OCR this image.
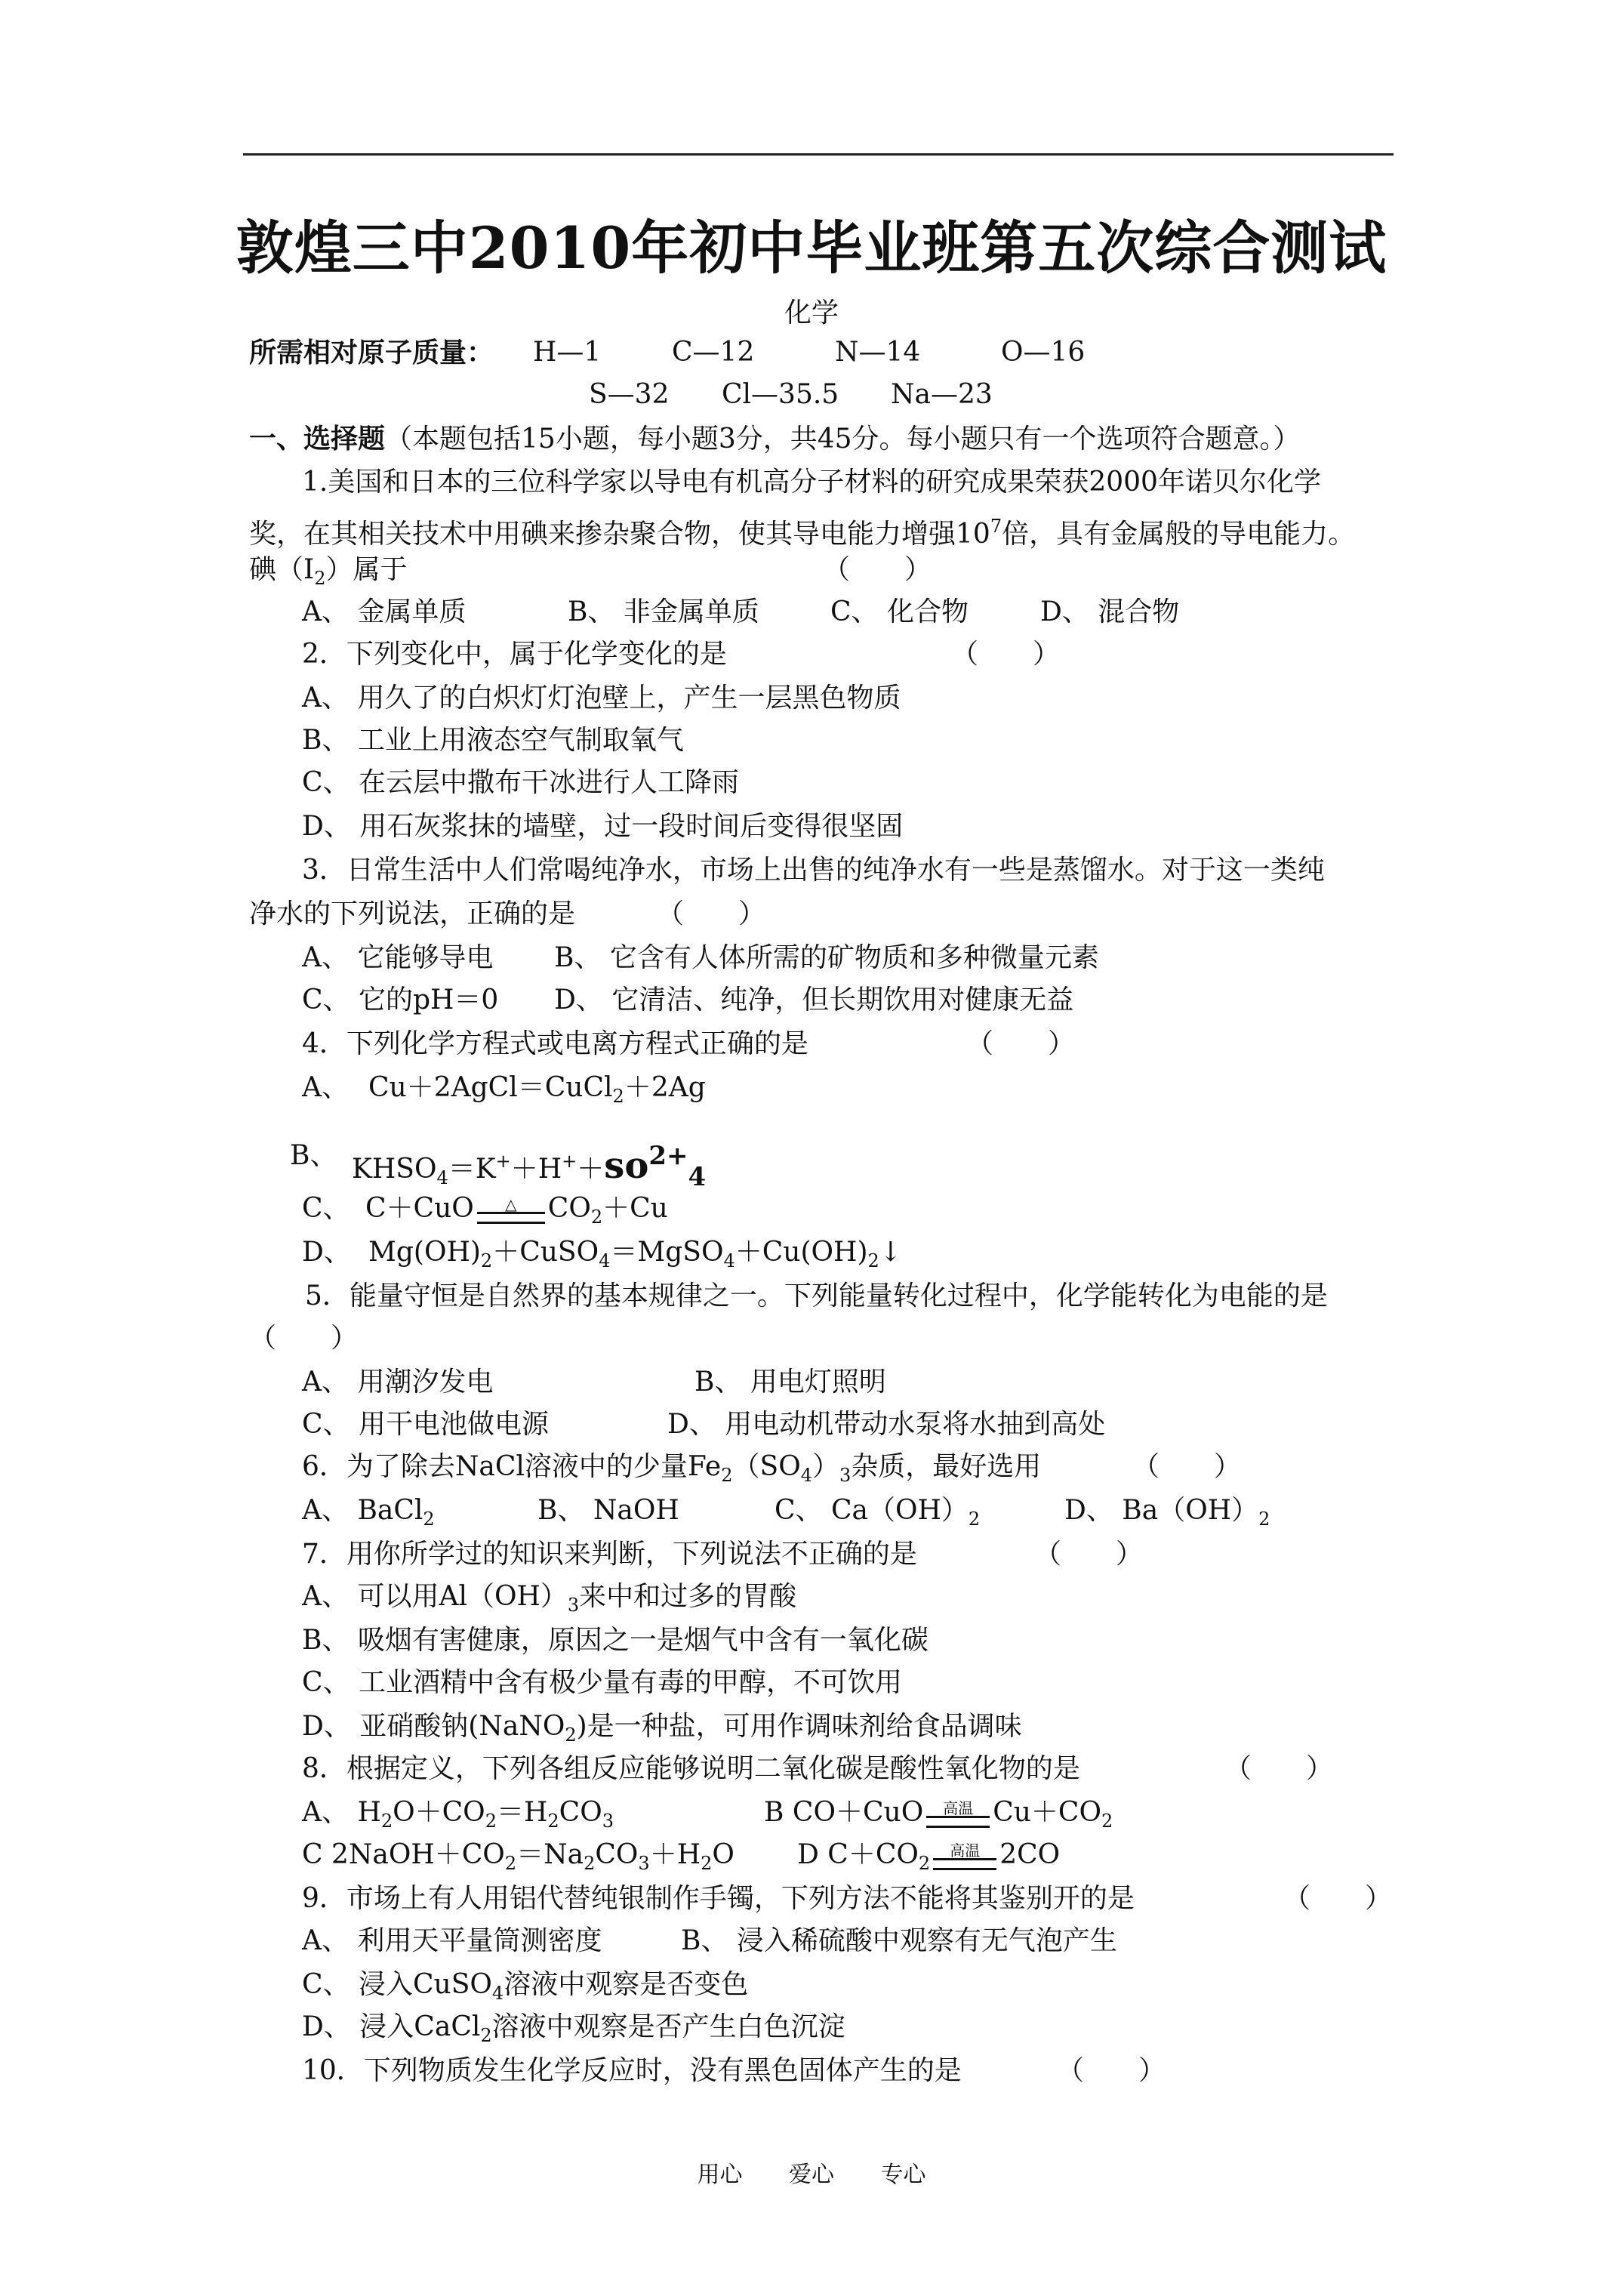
敦煌三中2010年初中毕业班第五次综合测试
化学
所需相对原子质量： H—1	C—12	N—14	O—16
S—32 Cl—35.5 Na—23
一、选择题（本题包括15小题，每小题3分，共45分。每小题只有一个选项符合题意。）
1.美国和日本的三位科学家以导电有机高分子材料的研究成果荣获2000年诺贝尔化学
奖，在其相关技术中用碘来掺杂聚合物，使其导电能力增强$10^7$倍，具有金属般的导电能力。
碘$(I_2)$属于	（　　）
A、 金属单质	B、 非金属单质	C、 化合物	D、 混合物
2．下列变化中，属于化学变化的是	（　　）
A、 用久了的白炽灯灯泡壁上，产生一层黑色物质
B、 工业上用液态空气制取氧气
C、 在云层中撒布干冰进行人工降雨
D、 用石灰浆抹的墙壁，过一段时间后变得很坚固
3．日常生活中人们常喝纯净水，市场上出售的纯净水有一些是蒸馏水。对于这一类纯
净水的下列说法，正确的是	（　　）
A、 它能够导电 B、 它含有人体所需的矿物质和多种微量元素
C、 它的pH＝0 D、 它清洁、纯净，但长期饮用对健康无益
4．下列化学方程式或电离方程式正确的是	（　　）
A、 Cu＋2AgCl＝CuCl$_2$＋2Ag
B、 $KHSO_4=K^++H^++so2+4$
C、 C＋CuO	△	$CO_2+Cu$
D、 $Mg(OH)_2+CuSO_4=MgSO_4+Cu(OH)_2↓$
5．能量守恒是自然界的基本规律之一。下列能量转化过程中，化学能转化为电能的是
（　　）
A、 用潮汐发电	B、 用电灯照明
C、 用干电池做电源	D、 用电动机带动水泵将水抽到高处
6．为了除去NaCl溶液中的少量$Fe_2(SO_4)_3$杂质，最好选用	（　　）
A、 BaCl$_2$	B、 NaOH	C、 $Ca(OH)_2$	D、 $Ba(OH)_2$
7．用你所学过的知识来判断，下列说法不正确的是	（　　）
A、 可以用$Al(OH)_3$来中和过多的胃酸
B、 吸烟有害健康，原因之一是烟气中含有一氧化碳
C、 工业酒精中含有极少量有毒的甲醇，不可饮用
D、 亚硝酸钠(NaNO$_2$)是一种盐，可用作调味剂给食品调味
8．根据定义，下列各组反应能够说明二氧化碳是酸性氧化物的是	（　　）
A、 $H_2O+CO_2=H_2CO_3$	B CO＋CuO	高温 $Cu+CO_2$
C $2NaOH+CO_2=Na_2CO_3+H_2O$ D $C+CO_2$
高温 2CO
9．市场上有人用铝代替纯银制作手镯，下列方法不能将其鉴别开的是	（　　）
A、 利用天平量筒测密度	B、 浸入稀硫酸中观察有无气泡产生
C、 浸入CuSO$_4$溶液中观察是否变色
D、 浸入CaCl$_2$溶液中观察是否产生白色沉淀
10．下列物质发生化学反应时，没有黑色固体产生的是	（　　）
用心 爱心 专心
